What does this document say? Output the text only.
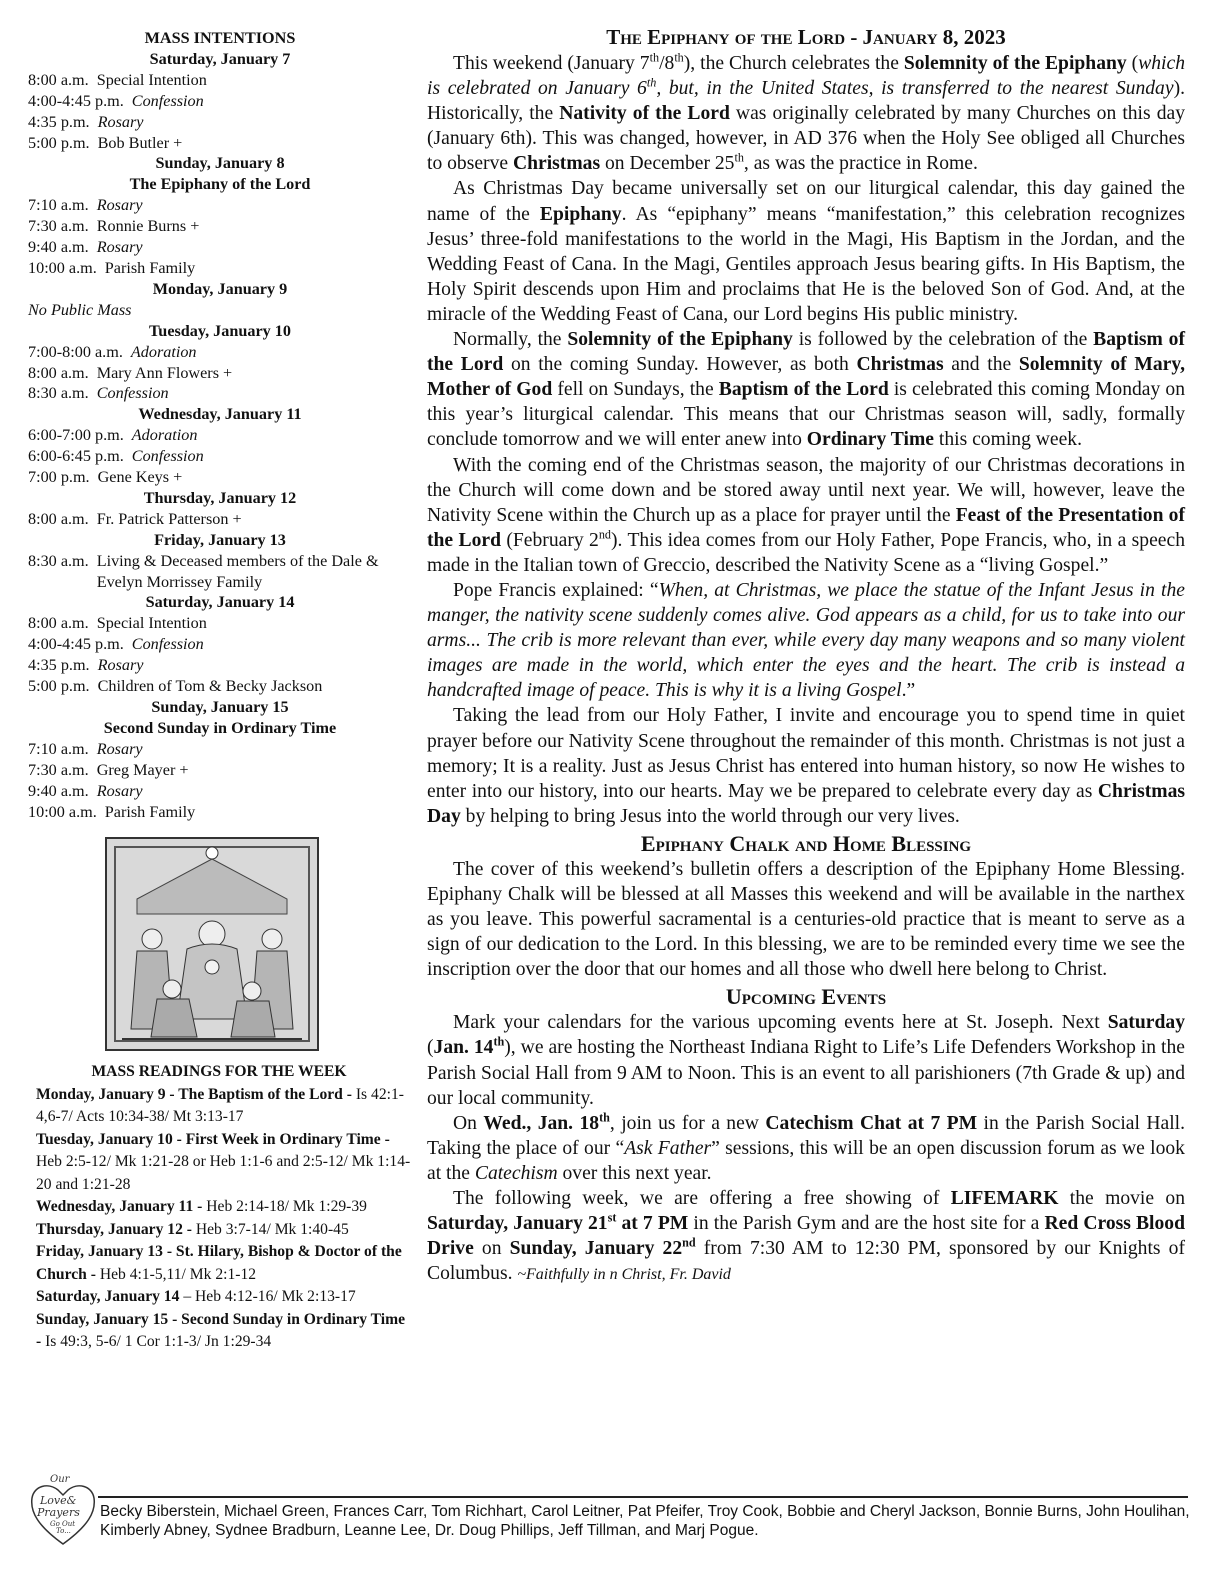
MASS INTENTIONS
Saturday, January 7
8:00 a.m. Special Intention
4:00-4:45 p.m. Confession
4:35 p.m. Rosary
5:00 p.m. Bob Butler +
Sunday, January 8
The Epiphany of the Lord
7:10 a.m. Rosary
7:30 a.m. Ronnie Burns +
9:40 a.m. Rosary
10:00 a.m. Parish Family
Monday, January 9
No Public Mass
Tuesday, January 10
7:00-8:00 a.m. Adoration
8:00 a.m. Mary Ann Flowers +
8:30 a.m. Confession
Wednesday, January 11
6:00-7:00 p.m. Adoration
6:00-6:45 p.m. Confession
7:00 p.m. Gene Keys +
Thursday, January 12
8:00 a.m. Fr. Patrick Patterson +
Friday, January 13
8:30 a.m. Living & Deceased members of the Dale & Evelyn Morrissey Family
Saturday, January 14
8:00 a.m. Special Intention
4:00-4:45 p.m. Confession
4:35 p.m. Rosary
5:00 p.m. Children of Tom & Becky Jackson
Sunday, January 15
Second Sunday in Ordinary Time
7:10 a.m. Rosary
7:30 a.m. Greg Mayer +
9:40 a.m. Rosary
10:00 a.m. Parish Family
MASS READINGS FOR THE WEEK
Monday, January 9 - The Baptism of the Lord - Is 42:1-4,6-7/ Acts 10:34-38/ Mt 3:13-17
Tuesday, January 10 - First Week in Ordinary Time - Heb 2:5-12/ Mk 1:21-28 or Heb 1:1-6 and 2:5-12/ Mk 1:14-20 and 1:21-28
Wednesday, January 11 - Heb 2:14-18/ Mk 1:29-39
Thursday, January 12 - Heb 3:7-14/ Mk 1:40-45
Friday, January 13 - St. Hilary, Bishop & Doctor of the Church - Heb 4:1-5,11/ Mk 2:1-12
Saturday, January 14 – Heb 4:12-16/ Mk 2:13-17
Sunday, January 15 - Second Sunday in Ordinary Time - Is 49:3, 5-6/ 1 Cor 1:1-3/ Jn 1:29-34
The Epiphany of the Lord - January 8, 2023

This weekend (January 7th/8th), the Church celebrates the Solemnity of the Epiphany (which is celebrated on January 6th, but, in the United States, is transferred to the nearest Sunday). Historically, the Nativity of the Lord was originally celebrated by many Churches on this day (January 6th). This was changed, however, in AD 376 when the Holy See obliged all Churches to observe Christmas on December 25th, as was the practice in Rome.

As Christmas Day became universally set on our liturgical calendar, this day gained the name of the Epiphany. As “epiphany” means “manifestation,” this celebration recognizes Jesus’ three-fold manifestations to the world in the Magi, His Baptism in the Jordan, and the Wedding Feast of Cana. In the Magi, Gentiles approach Jesus bearing gifts. In His Baptism, the Holy Spirit descends upon Him and proclaims that He is the beloved Son of God. And, at the miracle of the Wedding Feast of Cana, our Lord begins His public ministry.

Normally, the Solemnity of the Epiphany is followed by the celebration of the Baptism of the Lord on the coming Sunday. However, as both Christmas and the Solemnity of Mary, Mother of God fell on Sundays, the Baptism of the Lord is celebrated this coming Monday on this year’s liturgical calendar. This means that our Christmas season will, sadly, formally conclude tomorrow and we will enter anew into Ordinary Time this coming week.

With the coming end of the Christmas season, the majority of our Christmas decorations in the Church will come down and be stored away until next year. We will, however, leave the Nativity Scene within the Church up as a place for prayer until the Feast of the Presentation of the Lord (February 2nd). This idea comes from our Holy Father, Pope Francis, who, in a speech made in the Italian town of Greccio, described the Nativity Scene as a “living Gospel.”

Pope Francis explained: “When, at Christmas, we place the statue of the Infant Jesus in the manger, the nativity scene suddenly comes alive. God appears as a child, for us to take into our arms... The crib is more relevant than ever, while every day many weapons and so many violent images are made in the world, which enter the eyes and the heart. The crib is instead a handcrafted image of peace. This is why it is a living Gospel.”

Taking the lead from our Holy Father, I invite and encourage you to spend time in quiet prayer before our Nativity Scene throughout the remainder of this month. Christmas is not just a memory; It is a reality. Just as Jesus Christ has entered into human history, so now He wishes to enter into our history, into our hearts. May we be prepared to celebrate every day as Christmas Day by helping to bring Jesus into the world through our very lives.

Epiphany Chalk and Home Blessing

The cover of this weekend’s bulletin offers a description of the Epiphany Home Blessing. Epiphany Chalk will be blessed at all Masses this weekend and will be available in the narthex as you leave. This powerful sacramental is a centuries-old practice that is meant to serve as a sign of our dedication to the Lord. In this blessing, we are to be reminded every time we see the inscription over the door that our homes and all those who dwell here belong to Christ.

Upcoming Events

Mark your calendars for the various upcoming events here at St. Joseph. Next Saturday (Jan. 14th), we are hosting the Northeast Indiana Right to Life’s Life Defenders Workshop in the Parish Social Hall from 9 AM to Noon. This is an event to all parishioners (7th Grade & up) and our local community.

On Wed., Jan. 18th, join us for a new Catechism Chat at 7 PM in the Parish Social Hall. Taking the place of our “Ask Father” sessions, this will be an open discussion forum as we look at the Catechism over this next year.

The following week, we are offering a free showing of LIFEMARK the movie on Saturday, January 21st at 7 PM in the Parish Gym and are the host site for a Red Cross Blood Drive on Sunday, January 22nd from 7:30 AM to 12:30 PM, sponsored by our Knights of Columbus. ~Faithfully in n Christ, Fr. David

Our
Love&
Prayers
Go Out
To...
Becky Biberstein, Michael Green, Frances Carr, Tom Richhart, Carol Leitner, Pat Pfeifer, Troy Cook, Bobbie and Cheryl Jackson, Bonnie Burns, John Houlihan, Kimberly Abney, Sydnee Bradburn, Leanne Lee, Dr. Doug Phillips, Jeff Tillman, and Marj Pogue.
